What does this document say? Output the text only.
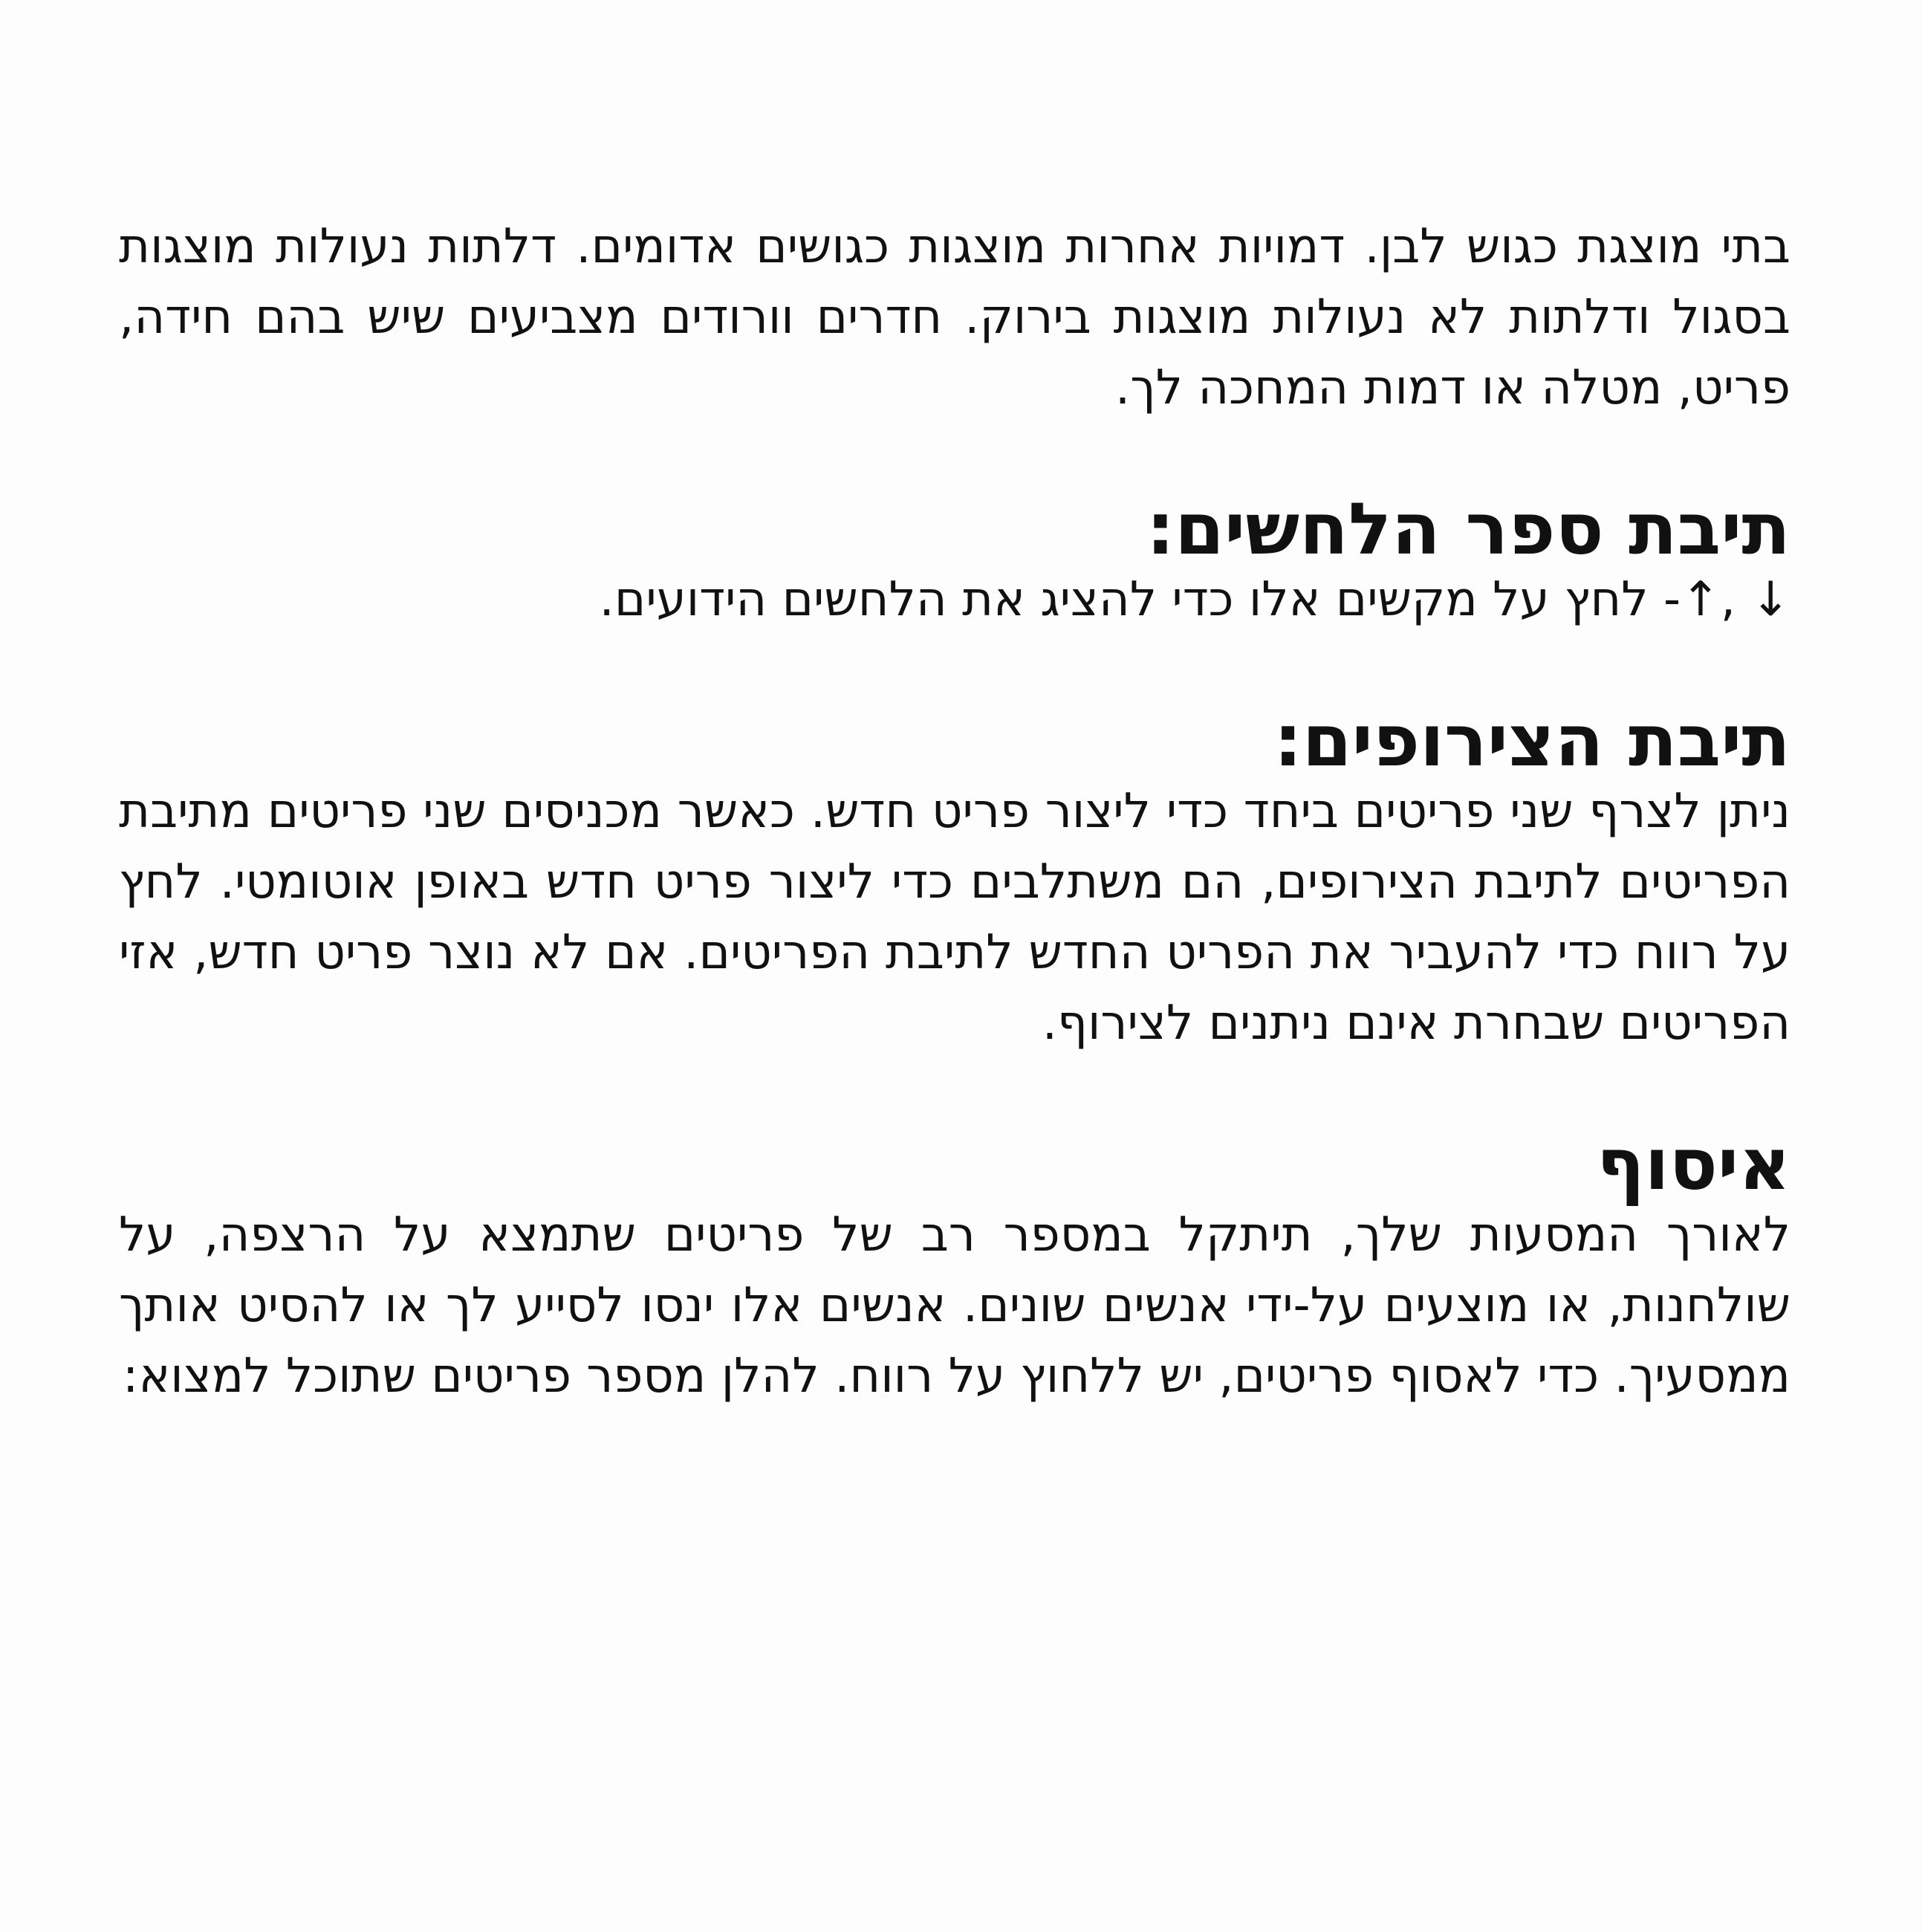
בתי מוצגת כגוש לבן. דמויות אחרות מוצגות כגושים אדומים. דלתות נעולות מוצגות בסגול ודלתות לא נעולות מוצגות בירוק. חדרים וורודים מצביעים שיש בהם חידה, פריט, מטלה או דמות המחכה לך.

תיבת ספר הלחשים:

↑, ↓- לחץ על מקשים אלו כדי להציג את הלחשים הידועים.

תיבת הצירופים:

ניתן לצרף שני פריטים ביחד כדי ליצור פריט חדש. כאשר מכניסים שני פריטים מתיבת הפריטים לתיבת הצירופים, הם משתלבים כדי ליצור פריט חדש באופן אוטומטי. לחץ על רווח כדי להעביר את הפריט החדש לתיבת הפריטים. אם לא נוצר פריט חדש, אזי הפריטים שבחרת אינם ניתנים לצירוף.

איסוף

לאורך המסעות שלך, תיתקל במספר רב של פריטים שתמצא על הרצפה, על שולחנות, או מוצעים על-ידי אנשים שונים. אנשים אלו ינסו לסייע לך או להסיט אותך ממסעיך. כדי לאסוף פריטים, יש ללחוץ על רווח. להלן מספר פריטים שתוכל למצוא:
